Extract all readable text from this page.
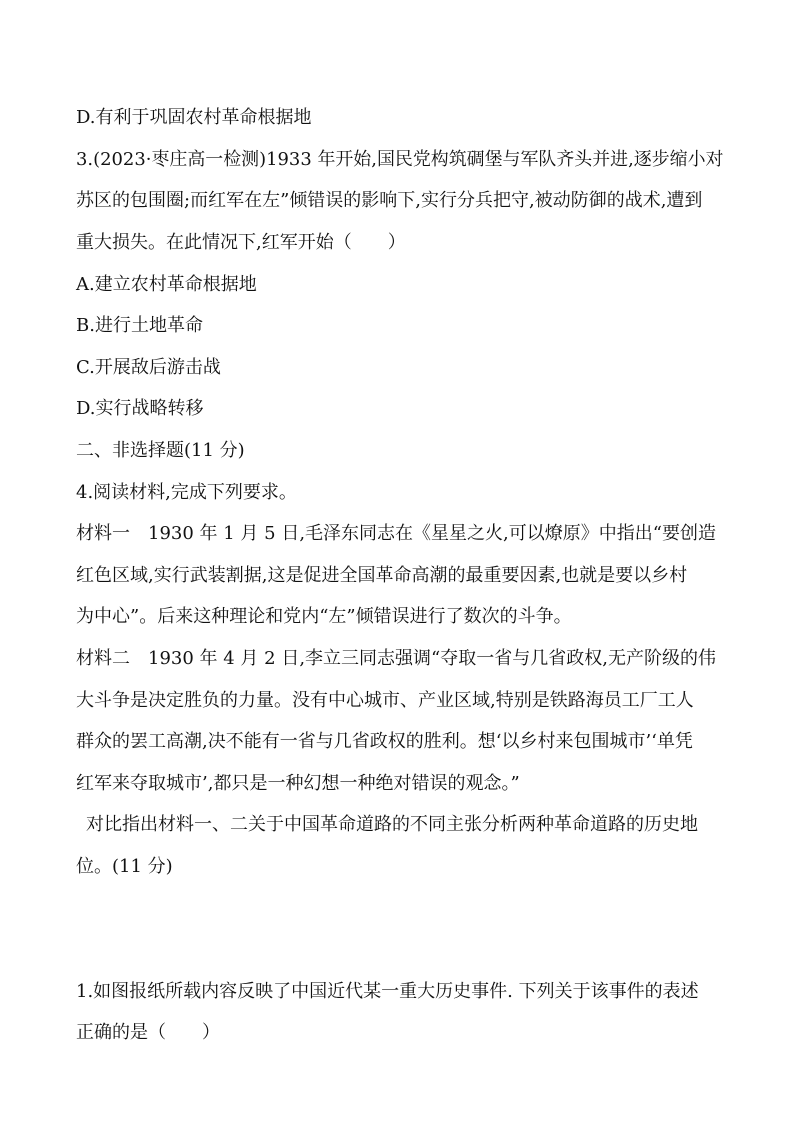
D.有利于巩固农村革命根据地
3.(2023·枣庄高一检测)1933 年开始,国民党构筑碉堡与军队齐头并进,逐步缩小对
苏区的包围圈;而红军在左”倾错误的影响下,实行分兵把守,被动防御的战术,遭到
重大损失。在此情况下,红军开始（　　）
A.建立农村革命根据地
B.进行土地革命
C.开展敌后游击战
D.实行战略转移
二、非选择题(11 分)
4.阅读材料,完成下列要求。
材料一　1930 年 1 月 5 日,毛泽东同志在《星星之火,可以燎原》中指出“要创造
红色区域,实行武装割据,这是促进全国革命高潮的最重要因素,也就是要以乡村
为中心”。后来这种理论和党内“左”倾错误进行了数次的斗争。
材料二　1930 年 4 月 2 日,李立三同志强调“夺取一省与几省政权,无产阶级的伟
大斗争是决定胜负的力量。没有中心城市、产业区域,特别是铁路海员工厂工人
群众的罢工高潮,决不能有一省与几省政权的胜利。想‘以乡村来包围城市’‘单凭
红军来夺取城市’,都只是一种幻想一种绝对错误的观念。”
对比指出材料一、二关于中国革命道路的不同主张分析两种革命道路的历史地
位。(11 分)
1.如图报纸所载内容反映了中国近代某一重大历史事件. 下列关于该事件的表述
正确的是（　　）
